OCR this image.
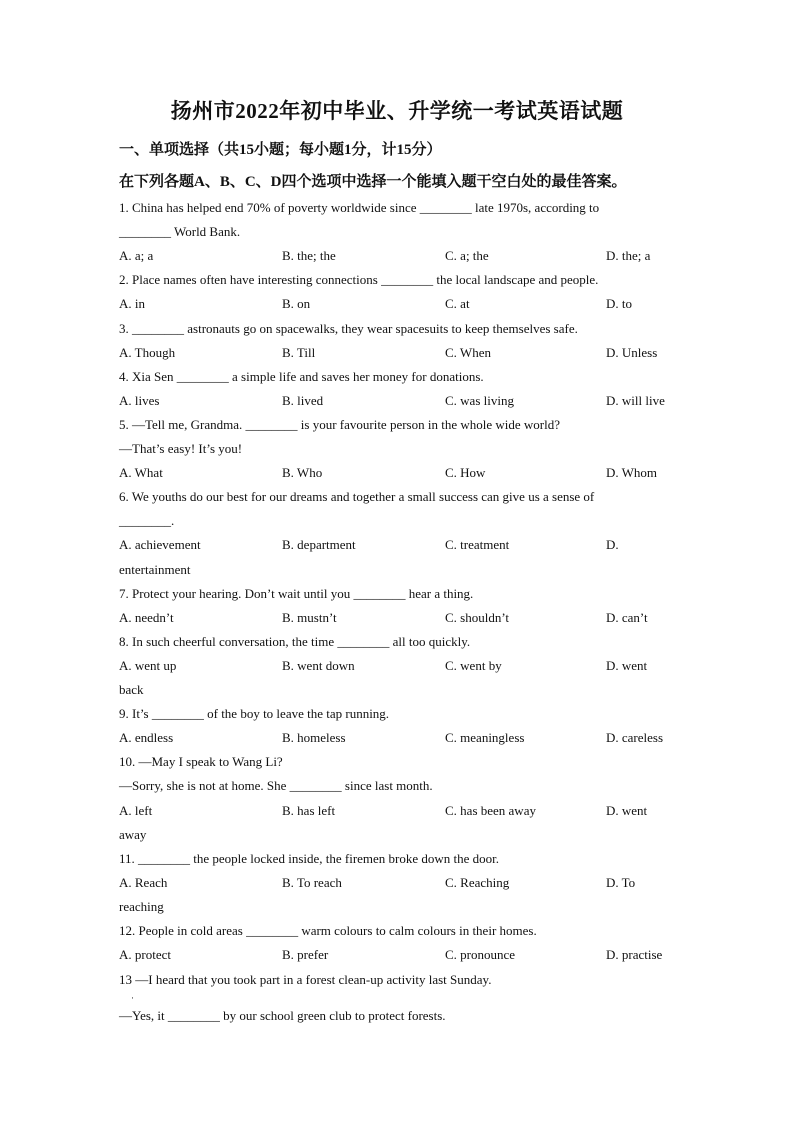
扬州市2022年初中毕业、升学统一考试英语试题
一、单项选择（共15小题；每小题1分，计15分）
在下列各题A、B、C、D四个选项中选择一个能填入题干空白处的最佳答案。
1. China has helped end 70% of poverty worldwide since ________ late 1970s, according to
________ World Bank.
A. a; a	B. the; the	C. a; the	D. the; a
2. Place names often have interesting connections ________ the local landscape and people.
A. in	B. on	C. at	D. to
3. ________ astronauts go on spacewalks, they wear spacesuits to keep themselves safe.
A. Though	B. Till	C. When	D. Unless
4. Xia Sen ________ a simple life and saves her money for donations.
A. lives	B. lived	C. was living	D. will live
5. —Tell me, Grandma. ________ is your favourite person in the whole wide world?
—That’s easy! It’s you!
A. What	B. Who	C. How	D. Whom
6. We youths do our best for our dreams and together a small success can give us a sense of
________.
A. achievement	B. department	C. treatment	D.
entertainment
7. Protect your hearing. Don’t wait until you ________ hear a thing.
A. needn’t	B. mustn’t	C. shouldn’t	D. can’t
8. In such cheerful conversation, the time ________ all too quickly.
A. went up	B. went down	C. went by	D. went
back
9. It’s ________ of the boy to leave the tap running.
A. endless	B. homeless	C. meaningless	D. careless
10. —May I speak to Wang Li?
—Sorry, she is not at home. She ________ since last month.
A. left	B. has left	C. has been away	D. went
away
11. ________ the people locked inside, the firemen broke down the door.
A. Reach	B. To reach	C. Reaching	D. To
reaching
12. People in cold areas ________ warm colours to calm colours in their homes.
A. protect	B. prefer	C. pronounce	D. practise
13 —I heard that you took part in a forest clean-up activity last Sunday.
·
—Yes, it ________ by our school green club to protect forests.
